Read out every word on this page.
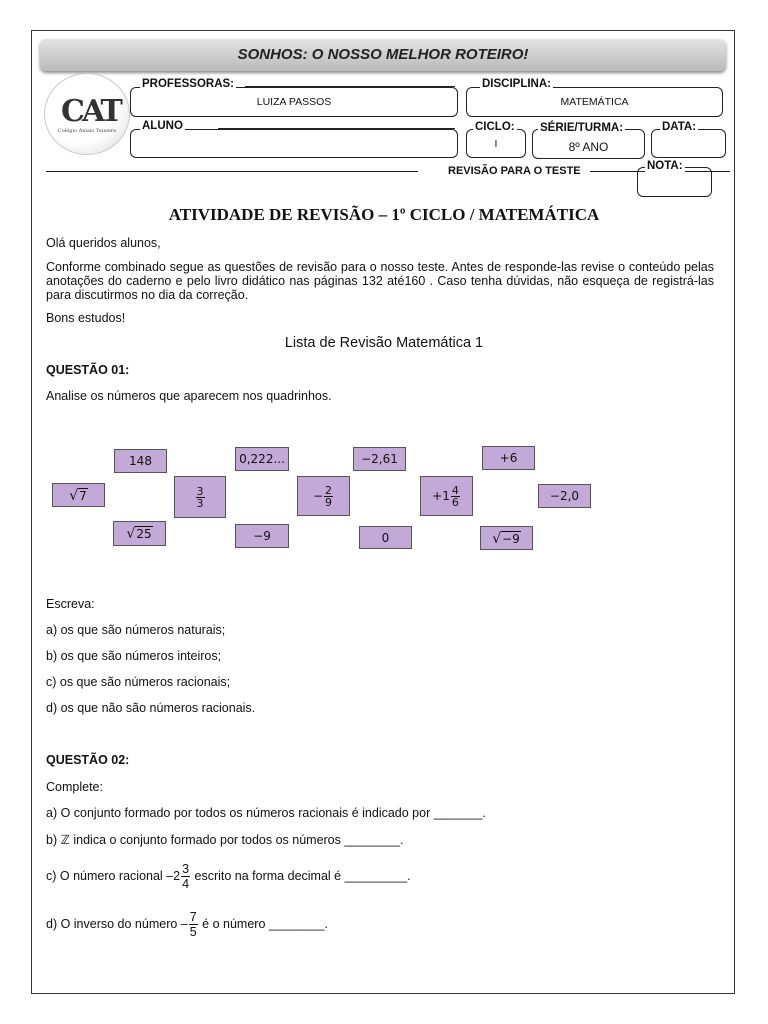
SONHOS: O NOSSO MELHOR ROTEIRO!
CAT
Colégio Anísio Teixeira
PROFESSORAS:
LUIZA PASSOS
DISCIPLINA:
MATEMÁTICA
ALUNO	CICLO:
I
SÉRIE/TURMA:
8º ANO
DATA:
REVISÃO PARA O TESTE	NOTA:
ATIVIDADE DE REVISÃO – 1º CICLO / MATEMÁTICA
Olá queridos alunos,
Conforme combinado segue as questões de revisão para o nosso teste. Antes de responde-las revise o conteúdo pelas anotações do caderno e pelo livro didático nas páginas 132 até160 . Caso tenha dúvidas, não esqueça de registrá-las para discutirmos no dia da correção.
Bons estudos!
Lista de Revisão Matemática 1
QUESTÃO 01:
Analise os números que aparecem nos quadrinhos.
√ 7
148
√ 25
$\frac{3}{3}$
0,222...
−9
− $\frac{2}{9}$
−2,61
0
$+1 \frac{4}{6}$
+6
√ −9
−2,0
Escreva:
a) os que são números naturais;
b) os que são números inteiros;
c) os que são números racionais;
d) os que não são números racionais.
QUESTÃO 02:
Complete:
a) O conjunto formado por todos os números racionais é indicado por _______.
b) ℤ indica o conjunto formado por todos os números ________.
c) O número racional $-2 \frac{3}{4}$ escrito na forma decimal é _________.
d) O inverso do número – $\frac{7}{5}$ é o número ________.
